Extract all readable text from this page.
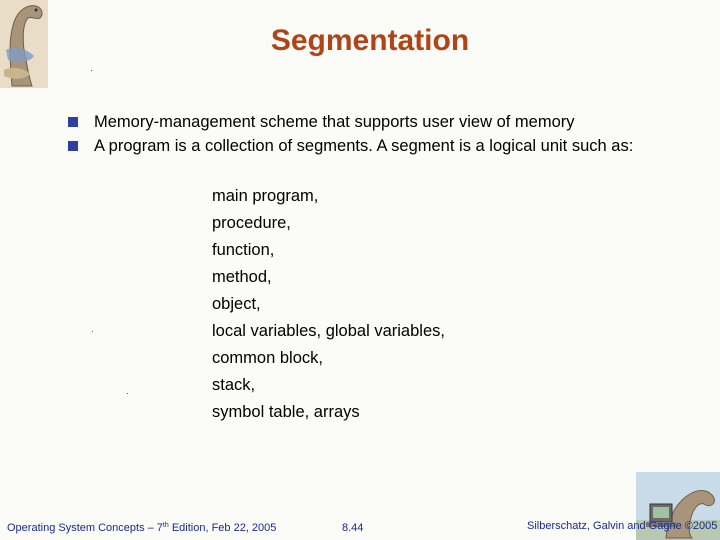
Segmentation
Memory-management scheme that supports user view of memory
A program is a collection of segments. A segment is a logical unit such as:
main program,
procedure,
function,
method,
object,
local variables, global variables,
common block,
stack,
symbol table, arrays
Operating System Concepts – 7th Edition, Feb 22, 2005	8.44	Silberschatz, Galvin and Gagne ©2005
